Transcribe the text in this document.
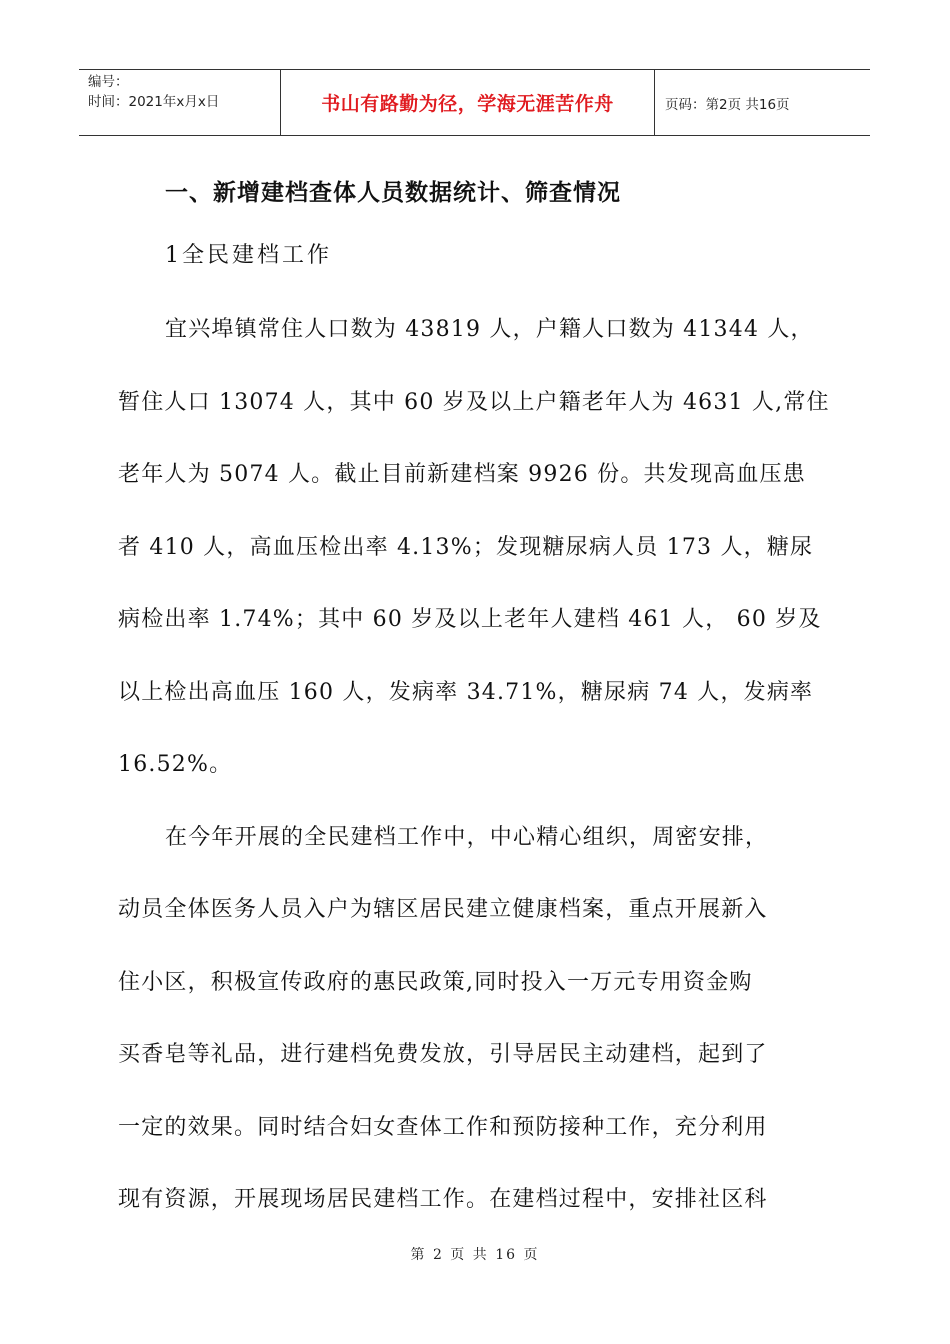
编号：
时间：2021年x月x日	书山有路勤为径，学海无涯苦作舟	页码：第2页 共16页
一、新增建档查体人员数据统计、筛查情况
1全民建档工作

宜兴埠镇常住人口数为 43819 人，户籍人口数为 41344 人，

暂住人口 13074 人，其中 60 岁及以上户籍老年人为 4631 人,常住

老年人为 5074 人。截止目前新建档案 9926 份。共发现高血压患

者 410 人，高血压检出率 4.13%；发现糖尿病人员 173 人，糖尿

病检出率 1.74%；其中 60 岁及以上老年人建档 461 人， 60 岁及

以上检出高血压 160 人，发病率 34.71%，糖尿病 74 人，发病率

16.52%。

在今年开展的全民建档工作中，中心精心组织，周密安排，

动员全体医务人员入户为辖区居民建立健康档案，重点开展新入

住小区，积极宣传政府的惠民政策,同时投入一万元专用资金购

买香皂等礼品，进行建档免费发放，引导居民主动建档，起到了

一定的效果。同时结合妇女查体工作和预防接种工作，充分利用

现有资源，开展现场居民建档工作。在建档过程中，安排社区科

第 2 页 共 16 页
